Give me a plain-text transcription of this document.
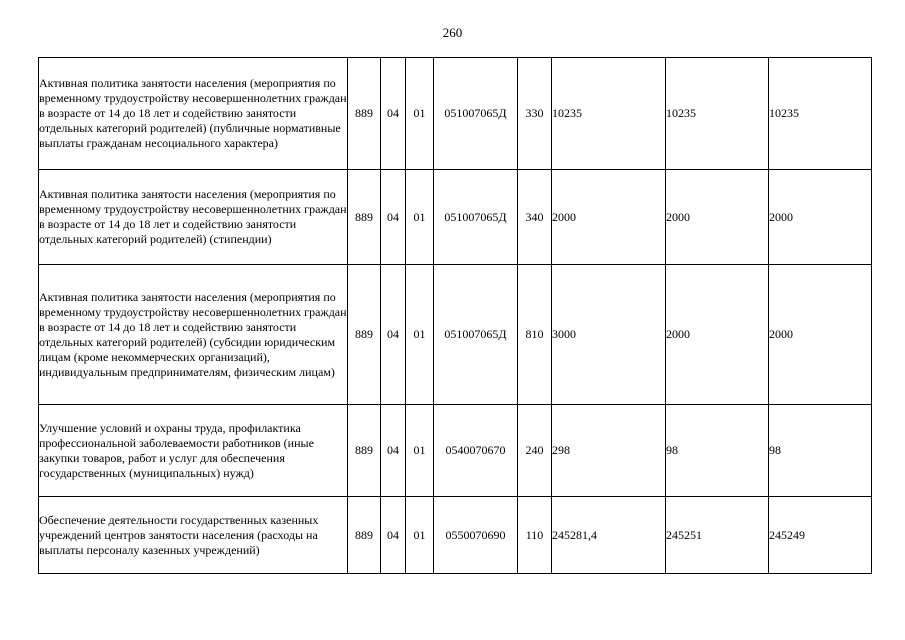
260
Активная политика занятости населения (мероприятия по временному трудоустройству несовершеннолетних граждан в возрасте от 14 до 18 лет и содействию занятости отдельных категорий родителей) (публичные нормативные выплаты гражданам несоциального характера)	889	04	01	051007065Д	330	10235	10235	10235
Активная политика занятости населения (мероприятия по временному трудоустройству несовершеннолетних граждан в возрасте от 14 до 18 лет и содействию занятости отдельных категорий родителей) (стипендии)	889	04	01	051007065Д	340	2000	2000	2000
Активная политика занятости населения (мероприятия по временному трудоустройству несовершеннолетних граждан в возрасте от 14 до 18 лет и содействию занятости отдельных категорий родителей) (субсидии юридическим лицам (кроме некоммерческих организаций), индивидуальным предпринимателям, физическим лицам)	889	04	01	051007065Д	810	3000	2000	2000
Улучшение условий и охраны труда, профилактика профессиональной заболеваемости работников (иные закупки товаров, работ и услуг для обеспечения государственных (муниципальных) нужд)	889	04	01	0540070670	240	298	98	98
Обеспечение деятельности государственных казенных учреждений центров занятости населения (расходы на выплаты персоналу казенных учреждений)	889	04	01	0550070690	110	245281,4	245251	245249
